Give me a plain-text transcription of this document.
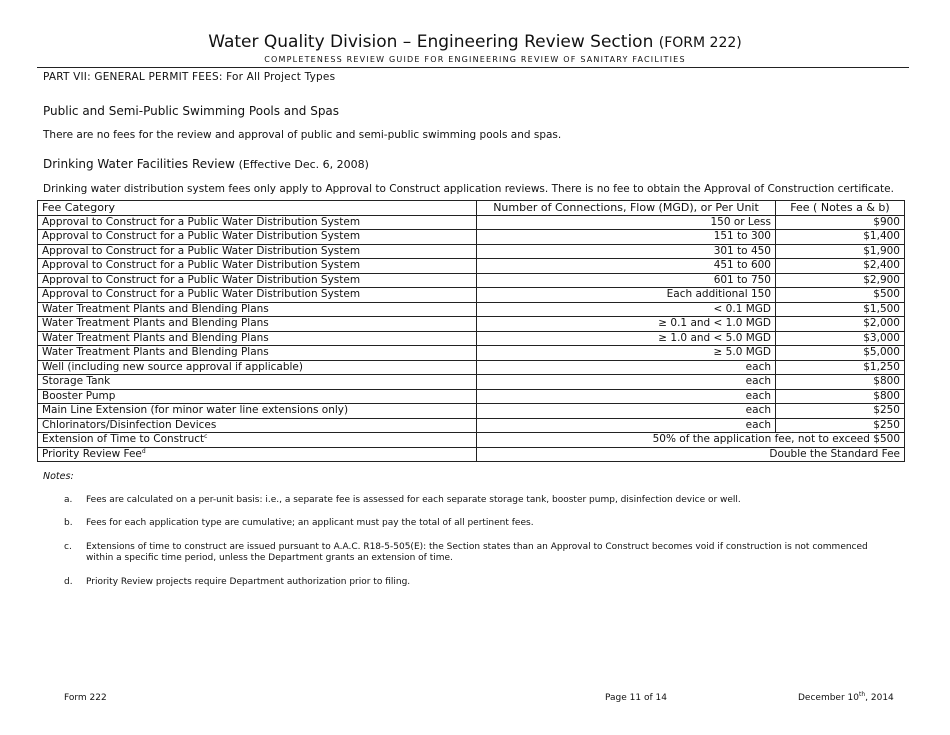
Water Quality Division – Engineering Review Section (FORM 222)
COMPLETENESS REVIEW GUIDE FOR ENGINEERING REVIEW OF SANITARY FACILITIES
PART VII: GENERAL PERMIT FEES: For All Project Types
Public and Semi-Public Swimming Pools and Spas
There are no fees for the review and approval of public and semi-public swimming pools and spas.
Drinking Water Facilities Review (Effective Dec. 6, 2008)
Drinking water distribution system fees only apply to Approval to Construct application reviews. There is no fee to obtain the Approval of Construction certificate.
Fee Category	Number of Connections, Flow (MGD), or Per Unit	Fee ( Notes a & b)
Approval to Construct for a Public Water Distribution System	150 or Less	$900
Approval to Construct for a Public Water Distribution System	151 to 300	$1,400
Approval to Construct for a Public Water Distribution System	301 to 450	$1,900
Approval to Construct for a Public Water Distribution System	451 to 600	$2,400
Approval to Construct for a Public Water Distribution System	601 to 750	$2,900
Approval to Construct for a Public Water Distribution System	Each additional 150	$500
Water Treatment Plants and Blending Plans	< 0.1 MGD	$1,500
Water Treatment Plants and Blending Plans	≥ 0.1 and < 1.0 MGD	$2,000
Water Treatment Plants and Blending Plans	≥ 1.0 and < 5.0 MGD	$3,000
Water Treatment Plants and Blending Plans	≥ 5.0 MGD	$5,000
Well (including new source approval if applicable)	each	$1,250
Storage Tank	each	$800
Booster Pump	each	$800
Main Line Extension (for minor water line extensions only)	each	$250
Chlorinators/Disinfection Devices	each	$250
Extension of Time to Construct$^c$	50% of the application fee, not to exceed $500	
Priority Review Fee$^d$	Double the Standard Fee	
Notes:
a. Fees are calculated on a per-unit basis: i.e., a separate fee is assessed for each separate storage tank, booster pump, disinfection device or well.
b. Fees for each application type are cumulative; an applicant must pay the total of all pertinent fees.
c. Extensions of time to construct are issued pursuant to A.A.C. R18-5-505(E): the Section states than an Approval to Construct becomes void if construction is not commenced within a specific time period, unless the Department grants an extension of time.
d. Priority Review projects require Department authorization prior to filing.
Form 222	Page 11 of 14	December 10th, 2014
